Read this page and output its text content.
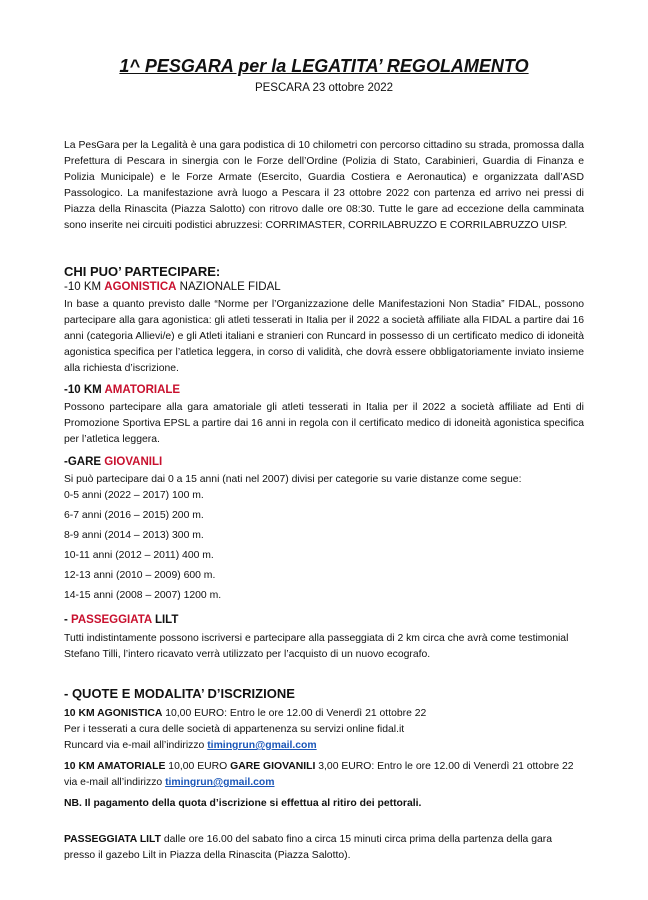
1^ PESGARA per la LEGATITA’ REGOLAMENTO
PESCARA 23 ottobre 2022
La PesGara per la Legalità è una gara podistica di 10 chilometri con percorso cittadino su strada, promossa dalla Prefettura di Pescara in sinergia con le Forze dell’Ordine (Polizia di Stato, Carabinieri, Guardia di Finanza e Polizia Municipale) e le Forze Armate (Esercito, Guardia Costiera e Aeronautica) e organizzata dall’ASD Passologico. La manifestazione avrà luogo a Pescara il 23 ottobre 2022 con partenza ed arrivo nei pressi di Piazza della Rinascita (Piazza Salotto) con ritrovo dalle ore 08:30. Tutte le gare ad eccezione della camminata sono inserite nei circuiti podistici abruzzesi: CORRIMASTER, CORRILABRUZZO E CORRILABRUZZO UISP.
CHI PUO’ PARTECIPARE:
-10 KM AGONISTICA NAZIONALE FIDAL
In base a quanto previsto dalle “Norme per l’Organizzazione delle Manifestazioni Non Stadia” FIDAL, possono partecipare alla gara agonistica: gli atleti tesserati in Italia per il 2022 a società affiliate alla FIDAL a partire dai 16 anni (categoria Allievi/e) e gli Atleti italiani e stranieri con Runcard in possesso di un certificato medico di idoneità agonistica specifica per l’atletica leggera, in corso di validità, che dovrà essere obbligatoriamente inviato insieme alla richiesta d’iscrizione.
-10 KM AMATORIALE
Possono partecipare alla gara amatoriale gli atleti tesserati in Italia per il 2022 a società affiliate ad Enti di Promozione Sportiva EPSL a partire dai 16 anni in regola con il certificato medico di idoneità agonistica specifica per l’atletica leggera.
-GARE GIOVANILI
Si può partecipare dai 0 a 15 anni (nati nel 2007) divisi per categorie su varie distanze come segue:
0-5 anni (2022 – 2017) 100 m.
6-7 anni (2016 – 2015) 200 m.
8-9 anni (2014 – 2013) 300 m.
10-11 anni (2012 – 2011) 400 m.
12-13 anni (2010 – 2009) 600 m.
14-15 anni (2008 – 2007) 1200 m.
- PASSEGGIATA LILT
Tutti indistintamente possono iscriversi e partecipare alla passeggiata di 2 km circa che avrà come testimonial Stefano Tilli, l’intero ricavato verrà utilizzato per l’acquisto di un nuovo ecografo.
- QUOTE E MODALITA’ D’ISCRIZIONE
10 KM AGONISTICA 10,00 EURO: Entro le ore 12.00 di Venerdì 21 ottobre 22
Per i tesserati a cura delle società di appartenenza su servizi online fidal.it
Runcard via e-mail all’indirizzo timingrun@gmail.com
10 KM AMATORIALE 10,00 EURO GARE GIOVANILI 3,00 EURO: Entro le ore 12.00 di Venerdì 21 ottobre 22
via e-mail all’indirizzo timingrun@gmail.com
NB. Il pagamento della quota d’iscrizione si effettua al ritiro dei pettorali.
PASSEGGIATA LILT dalle ore 16.00 del sabato fino a circa 15 minuti circa prima della partenza della gara presso il gazebo Lilt in Piazza della Rinascita (Piazza Salotto).
